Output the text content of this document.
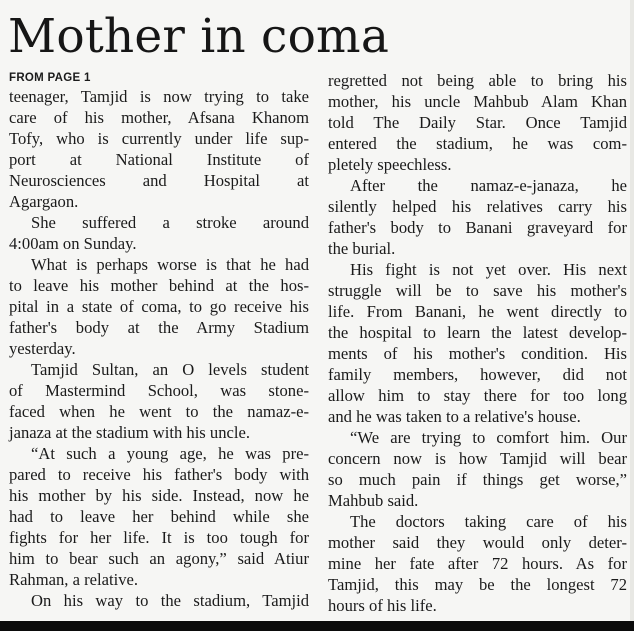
Mother in coma
FROM PAGE 1
teenager, Tamjid is now trying to take
care of his mother, Afsana Khanom
Tofy, who is currently under life sup-
port at National Institute of
Neurosciences and Hospital at
Agargaon.
She suffered a stroke around
4:00am on Sunday.
What is perhaps worse is that he had
to leave his mother behind at the hos-
pital in a state of coma, to go receive his
father's body at the Army Stadium
yesterday.
Tamjid Sultan, an O levels student
of Mastermind School, was stone-
faced when he went to the namaz-e-
janaza at the stadium with his uncle.
“At such a young age, he was pre-
pared to receive his father's body with
his mother by his side. Instead, now he
had to leave her behind while she
fights for her life. It is too tough for
him to bear such an agony,” said Atiur
Rahman, a relative.
On his way to the stadium, Tamjid
regretted not being able to bring his
mother, his uncle Mahbub Alam Khan
told The Daily Star. Once Tamjid
entered the stadium, he was com-
pletely speechless.
After the namaz-e-janaza, he
silently helped his relatives carry his
father's body to Banani graveyard for
the burial.
His fight is not yet over. His next
struggle will be to save his mother's
life. From Banani, he went directly to
the hospital to learn the latest develop-
ments of his mother's condition. His
family members, however, did not
allow him to stay there for too long
and he was taken to a relative's house.
“We are trying to comfort him. Our
concern now is how Tamjid will bear
so much pain if things get worse,”
Mahbub said.
The doctors taking care of his
mother said they would only deter-
mine her fate after 72 hours. As for
Tamjid, this may be the longest 72
hours of his life.
